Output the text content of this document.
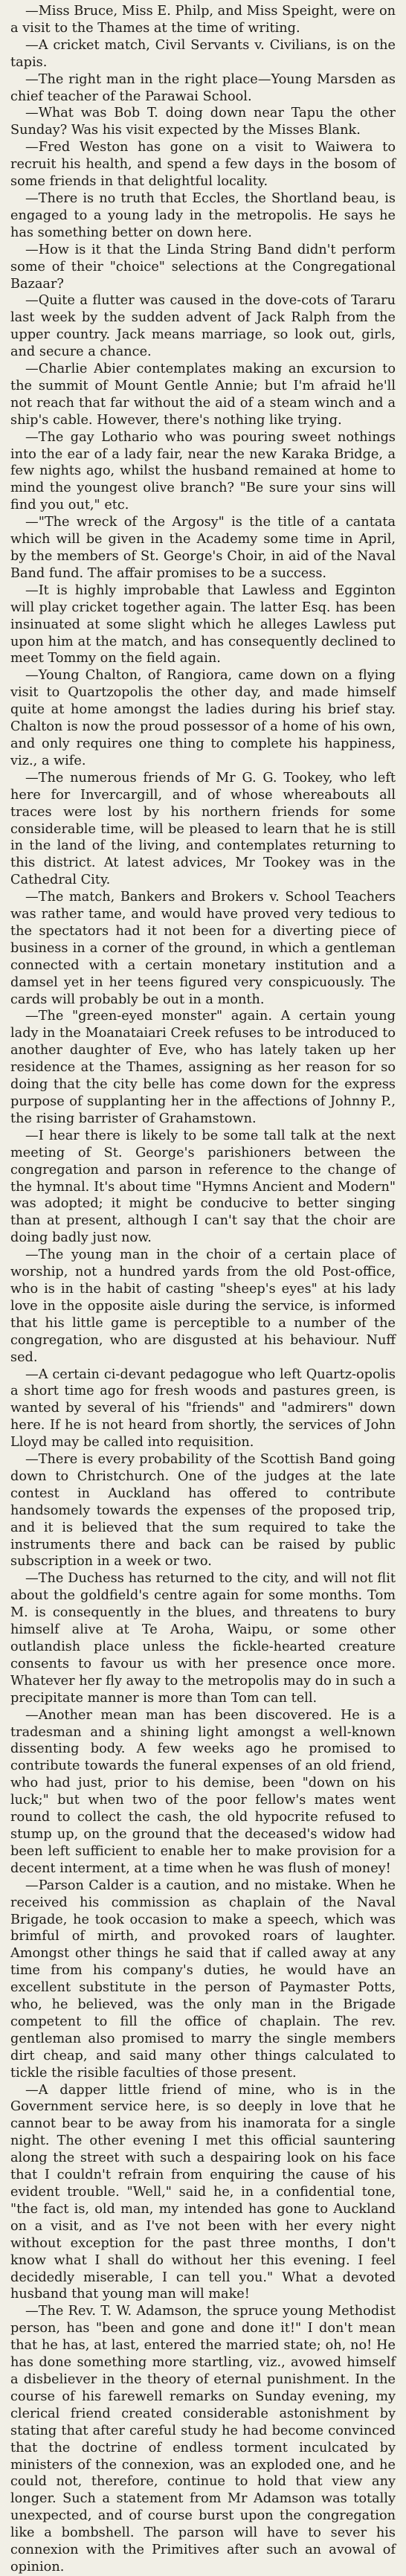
—Miss Bruce, Miss E. Philp, and Miss Speight, were on a visit to the Thames at the time of writing.

—A cricket match, Civil Servants v. Civilians, is on the tapis.

—The right man in the right place—Young Marsden as chief teacher of the Parawai School.

—What was Bob T. doing down near Tapu the other Sunday? Was his visit expected by the Misses Blank.

—Fred Weston has gone on a visit to Waiwera to recruit his health, and spend a few days in the bosom of some friends in that delightful locality.

—There is no truth that Eccles, the Shortland beau, is engaged to a young lady in the metropolis. He says he has something better on down here.

—How is it that the Linda String Band didn't perform some of their "choice" selections at the Congregational Bazaar?

—Quite a flutter was caused in the dove-cots of Tararu last week by the sudden advent of Jack Ralph from the upper country. Jack means marriage, so look out, girls, and secure a chance.

—Charlie Abier contemplates making an excursion to the summit of Mount Gentle Annie; but I'm afraid he'll not reach that far without the aid of a steam winch and a ship's cable. However, there's nothing like trying.

—The gay Lothario who was pouring sweet nothings into the ear of a lady fair, near the new Karaka Bridge, a few nights ago, whilst the husband remained at home to mind the youngest olive branch? "Be sure your sins will find you out," etc.

—"The wreck of the Argosy" is the title of a cantata which will be given in the Academy some time in April, by the members of St. George's Choir, in aid of the Naval Band fund. The affair promises to be a success.

—It is highly improbable that Lawless and Egginton will play cricket together again. The latter Esq. has been insinuated at some slight which he alleges Lawless put upon him at the match, and has consequently declined to meet Tommy on the field again.

—Young Chalton, of Rangiora, came down on a flying visit to Quartzopolis the other day, and made himself quite at home amongst the ladies during his brief stay. Chalton is now the proud possessor of a home of his own, and only requires one thing to complete his happiness, viz., a wife.

—The numerous friends of Mr G. G. Tookey, who left here for Invercargill, and of whose whereabouts all traces were lost by his northern friends for some considerable time, will be pleased to learn that he is still in the land of the living, and contemplates returning to this district. At latest advices, Mr Tookey was in the Cathedral City.

—The match, Bankers and Brokers v. School Teachers was rather tame, and would have proved very tedious to the spectators had it not been for a diverting piece of business in a corner of the ground, in which a gentleman connected with a certain monetary institution and a damsel yet in her teens figured very conspicuously. The cards will probably be out in a month.

—The "green-eyed monster" again. A certain young lady in the Moanataiari Creek refuses to be introduced to another daughter of Eve, who has lately taken up her residence at the Thames, assigning as her reason for so doing that the city belle has come down for the express purpose of supplanting her in the affections of Johnny P., the rising barrister of Grahamstown.

—I hear there is likely to be some tall talk at the next meeting of St. George's parishioners between the congregation and parson in reference to the change of the hymnal. It's about time "Hymns Ancient and Modern" was adopted; it might be conducive to better singing than at present, although I can't say that the choir are doing badly just now.

—The young man in the choir of a certain place of worship, not a hundred yards from the old Post-office, who is in the habit of casting "sheep's eyes" at his lady love in the opposite aisle during the service, is informed that his little game is perceptible to a number of the congregation, who are disgusted at his behaviour. Nuff sed.

—A certain ci-devant pedagogue who left Quartz-opolis a short time ago for fresh woods and pastures green, is wanted by several of his "friends" and "admirers" down here. If he is not heard from shortly, the services of John Lloyd may be called into requisition.

—There is every probability of the Scottish Band going down to Christchurch. One of the judges at the late contest in Auckland has offered to contribute handsomely towards the expenses of the proposed trip, and it is believed that the sum required to take the instruments there and back can be raised by public subscription in a week or two.

—The Duchess has returned to the city, and will not flit about the goldfield's centre again for some months. Tom M. is consequently in the blues, and threatens to bury himself alive at Te Aroha, Waipu, or some other outlandish place unless the fickle-hearted creature consents to favour us with her presence once more. Whatever her fly away to the metropolis may do in such a precipitate manner is more than Tom can tell.

—Another mean man has been discovered. He is a tradesman and a shining light amongst a well-known dissenting body. A few weeks ago he promised to contribute towards the funeral expenses of an old friend, who had just, prior to his demise, been "down on his luck;" but when two of the poor fellow's mates went round to collect the cash, the old hypocrite refused to stump up, on the ground that the deceased's widow had been left sufficient to enable her to make provision for a decent interment, at a time when he was flush of money!

—Parson Calder is a caution, and no mistake. When he received his commission as chaplain of the Naval Brigade, he took occasion to make a speech, which was brimful of mirth, and provoked roars of laughter. Amongst other things he said that if called away at any time from his company's duties, he would have an excellent substitute in the person of Paymaster Potts, who, he believed, was the only man in the Brigade competent to fill the office of chaplain. The rev. gentleman also promised to marry the single members dirt cheap, and said many other things calculated to tickle the risible faculties of those present.

—A dapper little friend of mine, who is in the Government service here, is so deeply in love that he cannot bear to be away from his inamorata for a single night. The other evening I met this official sauntering along the street with such a despairing look on his face that I couldn't refrain from enquiring the cause of his evident trouble. "Well," said he, in a confidential tone, "the fact is, old man, my intended has gone to Auckland on a visit, and as I've not been with her every night without exception for the past three months, I don't know what I shall do without her this evening. I feel decidedly miserable, I can tell you." What a devoted husband that young man will make!

—The Rev. T. W. Adamson, the spruce young Methodist person, has "been and gone and done it!" I don't mean that he has, at last, entered the married state; oh, no! He has done something more startling, viz., avowed himself a disbeliever in the theory of eternal punishment. In the course of his farewell remarks on Sunday evening, my clerical friend created considerable astonishment by stating that after careful study he had become convinced that the doctrine of endless torment inculcated by ministers of the connexion, was an exploded one, and he could not, therefore, continue to hold that view any longer. Such a statement from Mr Adamson was totally unexpected, and of course burst upon the congregation like a bombshell. The parson will have to sever his connexion with the Primitives after such an avowal of opinion.
